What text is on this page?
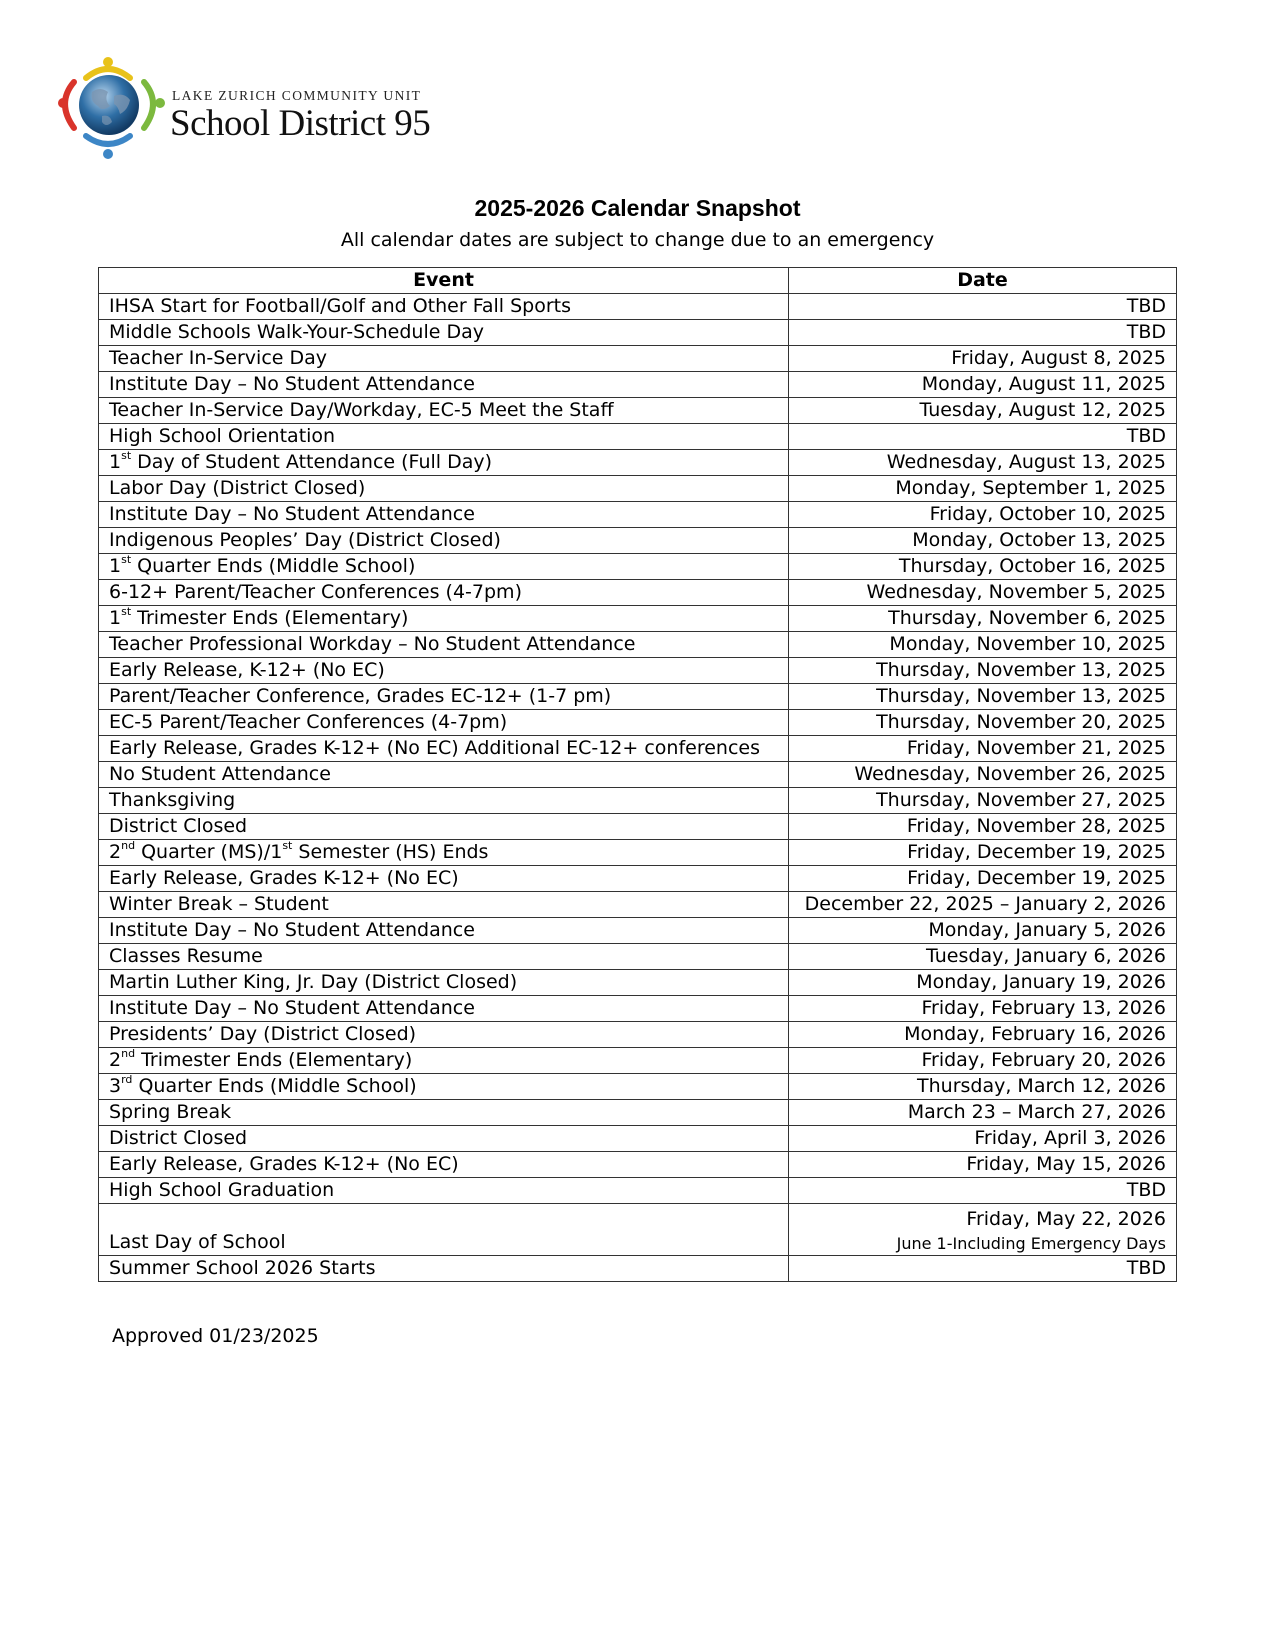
LAKE ZURICH COMMUNITY UNIT
School District 95
2025-2026 Calendar Snapshot
All calendar dates are subject to change due to an emergency
Event	Date
IHSA Start for Football/Golf and Other Fall Sports	TBD
Middle Schools Walk-Your-Schedule Day	TBD
Teacher In-Service Day	Friday, August 8, 2025
Institute Day – No Student Attendance	Monday, August 11, 2025
Teacher In-Service Day/Workday, EC-5 Meet the Staff	Tuesday, August 12, 2025
High School Orientation	TBD
1st Day of Student Attendance (Full Day)	Wednesday, August 13, 2025
Labor Day (District Closed)	Monday, September 1, 2025
Institute Day – No Student Attendance	Friday, October 10, 2025
Indigenous Peoples’ Day (District Closed)	Monday, October 13, 2025
1st Quarter Ends (Middle School)	Thursday, October 16, 2025
6-12+ Parent/Teacher Conferences (4-7pm)	Wednesday, November 5, 2025
1st Trimester Ends (Elementary)	Thursday, November 6, 2025
Teacher Professional Workday – No Student Attendance	Monday, November 10, 2025
Early Release, K-12+ (No EC)	Thursday, November 13, 2025
Parent/Teacher Conference, Grades EC-12+ (1-7 pm)	Thursday, November 13, 2025
EC-5 Parent/Teacher Conferences (4-7pm)	Thursday, November 20, 2025
Early Release, Grades K-12+ (No EC) Additional EC-12+ conferences	Friday, November 21, 2025
No Student Attendance	Wednesday, November 26, 2025
Thanksgiving	Thursday, November 27, 2025
District Closed	Friday, November 28, 2025
2nd Quarter (MS)/1st Semester (HS) Ends	Friday, December 19, 2025
Early Release, Grades K-12+ (No EC)	Friday, December 19, 2025
Winter Break – Student	December 22, 2025 – January 2, 2026
Institute Day – No Student Attendance	Monday, January 5, 2026
Classes Resume	Tuesday, January 6, 2026
Martin Luther King, Jr. Day (District Closed)	Monday, January 19, 2026
Institute Day – No Student Attendance	Friday, February 13, 2026
Presidents’ Day (District Closed)	Monday, February 16, 2026
2nd Trimester Ends (Elementary)	Friday, February 20, 2026
3rd Quarter Ends (Middle School)	Thursday, March 12, 2026
Spring Break	March 23 – March 27, 2026
District Closed	Friday, April 3, 2026
Early Release, Grades K-12+ (No EC)	Friday, May 15, 2026
High School Graduation	TBD
Last Day of School	Friday, May 22, 2026
June 1-Including Emergency Days

Summer School 2026 Starts	TBD
Approved 01/23/2025
